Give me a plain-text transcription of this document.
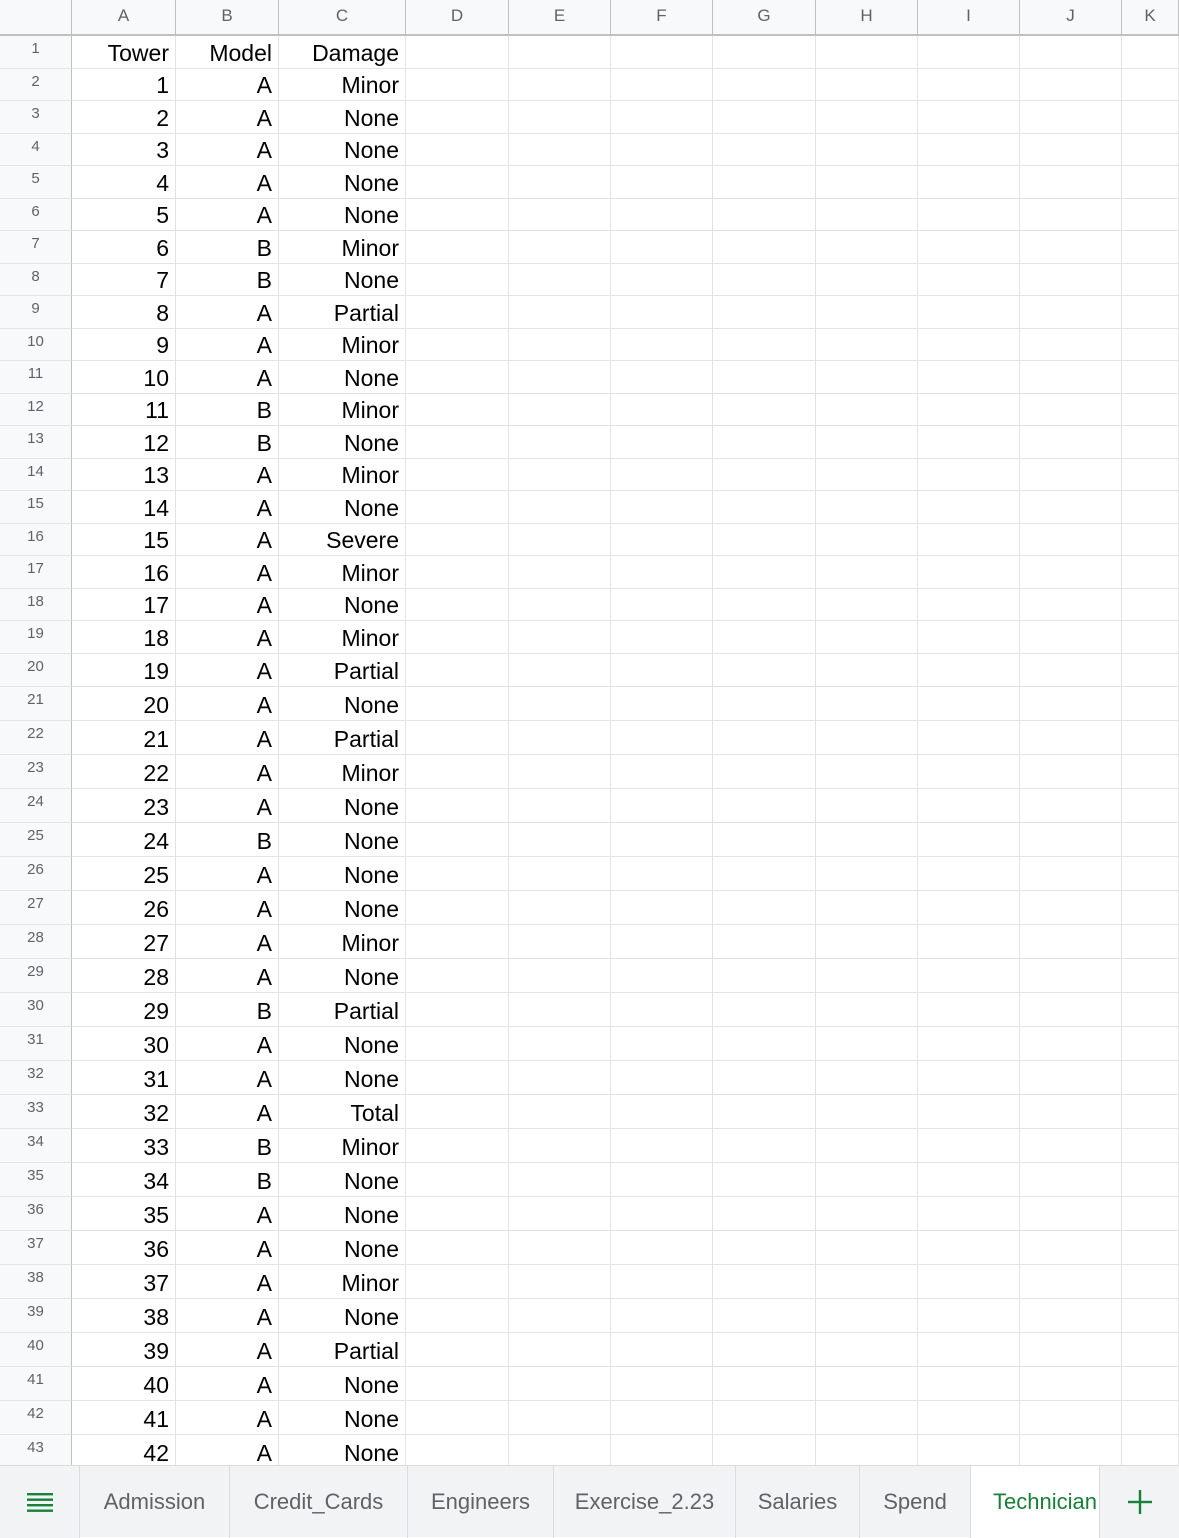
A	B	C	D	E	F	G	H	I	J	K
Tower	Model	Damage
1	A	Minor
2	A	None
3	A	None
4	A	None
5	A	None
6	B	Minor
7	B	None
8	A	Partial
9	A	Minor
10	A	None
11	B	Minor
12	B	None
13	A	Minor
14	A	None
15	A	Severe
16	A	Minor
17	A	None
18	A	Minor
19	A	Partial
20	A	None
21	A	Partial
22	A	Minor
23	A	None
24	B	None
25	A	None
26	A	None
27	A	Minor
28	A	None
29	B	Partial
30	A	None
31	A	None
32	A	Total
33	B	Minor
34	B	None
35	A	None
36	A	None
37	A	Minor
38	A	None
39	A	Partial
40	A	None
41	A	None
42	A	None
1
2
3
4
5
6
7
8
9
10
11
12
13
14
15
16
17
18
19
20
21
22
23
24
25
26
27
28
29
30
31
32
33
34
35
36
37
38
39
40
41
42
43
Admission	Credit_Cards	Engineers	Exercise_2.23	Salaries	Spend	Technician
